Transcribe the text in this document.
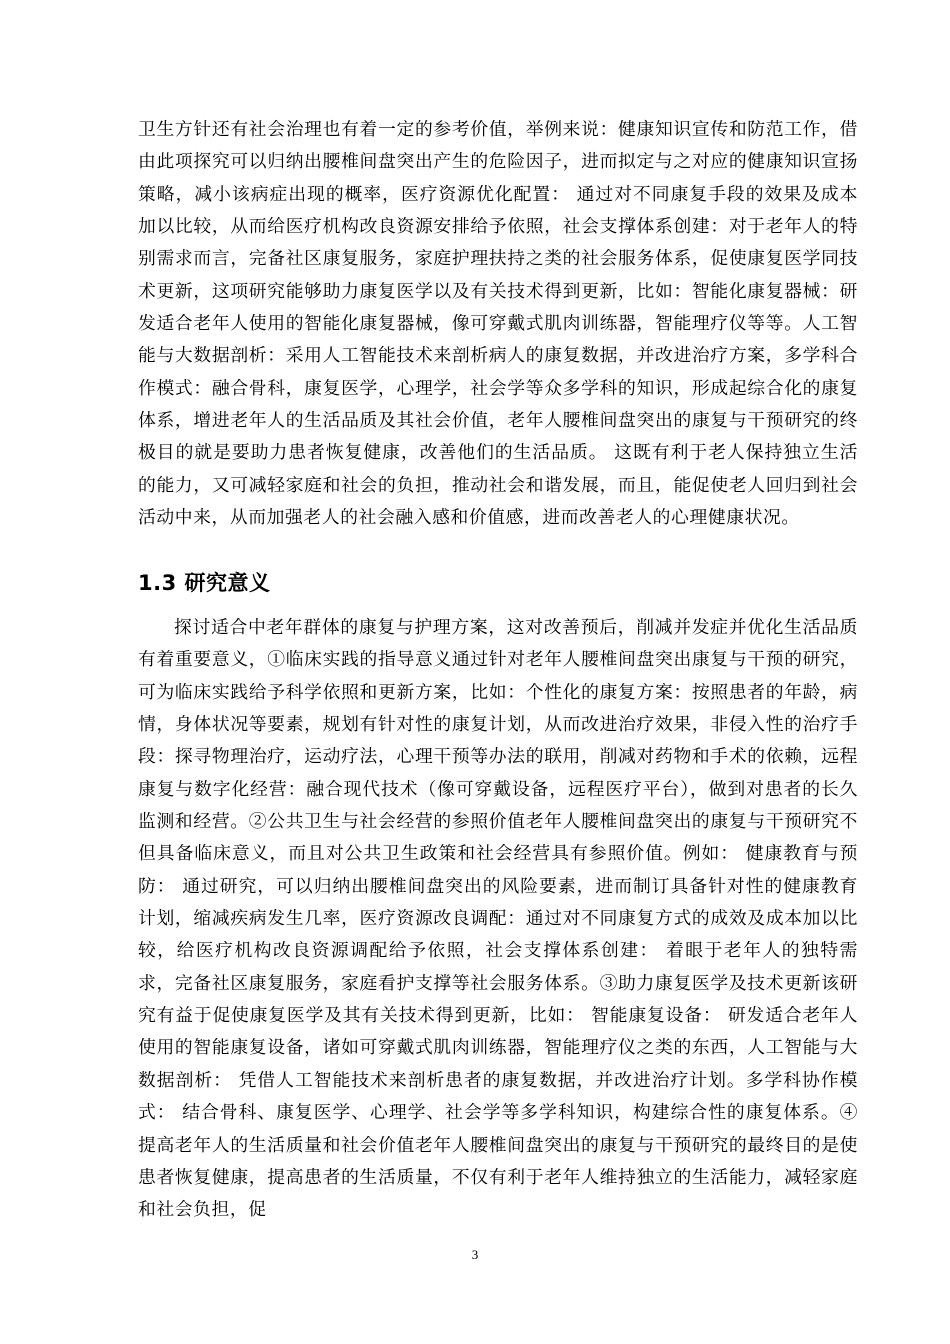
卫生方针还有社会治理也有着一定的参考价值，举例来说：健康知识宣传和防范工作，借由此项探究可以归纳出腰椎间盘突出产生的危险因子，进而拟定与之对应的健康知识宣扬策略，减小该病症出现的概率，医疗资源优化配置： 通过对不同康复手段的效果及成本加以比较，从而给医疗机构改良资源安排给予依照，社会支撑体系创建：对于老年人的特别需求而言，完备社区康复服务，家庭护理扶持之类的社会服务体系，促使康复医学同技术更新，这项研究能够助力康复医学以及有关技术得到更新，比如：智能化康复器械：研发适合老年人使用的智能化康复器械，像可穿戴式肌肉训练器，智能理疗仪等等。人工智能与大数据剖析：采用人工智能技术来剖析病人的康复数据，并改进治疗方案，多学科合作模式：融合骨科，康复医学，心理学，社会学等众多学科的知识，形成起综合化的康复体系，增进老年人的生活品质及其社会价值，老年人腰椎间盘突出的康复与干预研究的终极目的就是要助力患者恢复健康，改善他们的生活品质。 这既有利于老人保持独立生活的能力，又可减轻家庭和社会的负担，推动社会和谐发展，而且，能促使老人回归到社会活动中来，从而加强老人的社会融入感和价值感，进而改善老人的心理健康状况。

1.3 研究意义

探讨适合中老年群体的康复与护理方案，这对改善预后，削减并发症并优化生活品质有着重要意义，①临床实践的指导意义通过针对老年人腰椎间盘突出康复与干预的研究，可为临床实践给予科学依照和更新方案，比如：个性化的康复方案：按照患者的年龄，病情，身体状况等要素，规划有针对性的康复计划，从而改进治疗效果，非侵入性的治疗手段：探寻物理治疗，运动疗法，心理干预等办法的联用，削减对药物和手术的依赖，远程康复与数字化经营：融合现代技术（像可穿戴设备，远程医疗平台），做到对患者的长久监测和经营。②公共卫生与社会经营的参照价值老年人腰椎间盘突出的康复与干预研究不但具备临床意义，而且对公共卫生政策和社会经营具有参照价值。例如： 健康教育与预防： 通过研究，可以归纳出腰椎间盘突出的风险要素，进而制订具备针对性的健康教育计划，缩减疾病发生几率，医疗资源改良调配：通过对不同康复方式的成效及成本加以比较，给医疗机构改良资源调配给予依照，社会支撑体系创建： 着眼于老年人的独特需求，完备社区康复服务，家庭看护支撑等社会服务体系。③助力康复医学及技术更新该研究有益于促使康复医学及其有关技术得到更新，比如： 智能康复设备： 研发适合老年人使用的智能康复设备，诸如可穿戴式肌肉训练器，智能理疗仪之类的东西，人工智能与大数据剖析： 凭借人工智能技术来剖析患者的康复数据，并改进治疗计划。多学科协作模式： 结合骨科、康复医学、心理学、社会学等多学科知识，构建综合性的康复体系。④提高老年人的生活质量和社会价值老年人腰椎间盘突出的康复与干预研究的最终目的是使患者恢复健康，提高患者的生活质量，不仅有利于老年人维持独立的生活能力，减轻家庭和社会负担，促

3
